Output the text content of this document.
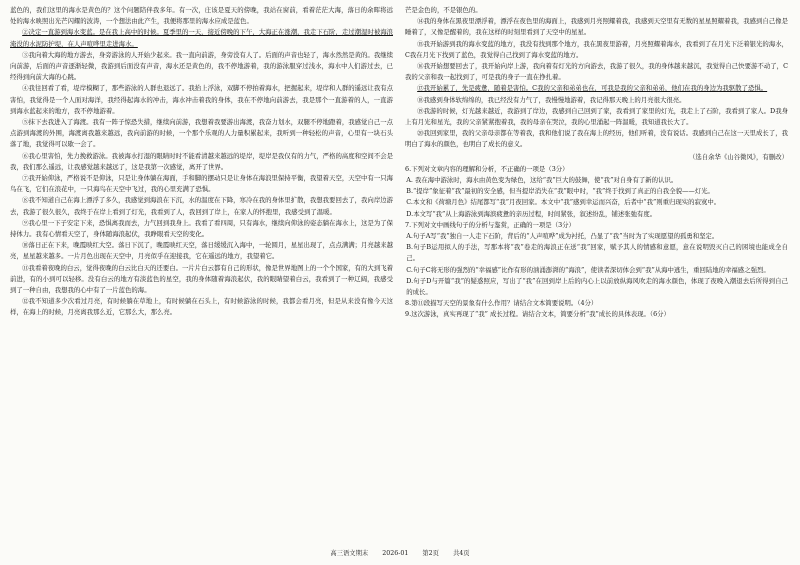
蓝色的，我们这里的海水是黄色的？这个问题陪伴我多年。有一次，庄该是夏天的傍晚，我站在窗前，看着茫茫大海，落日的余晖将远处的海水映照出光芒闪耀的波涛，一个想法由此产生，我便将那里的海水应成是蓝色。

②决定一直游到海水变蓝。是在我上高中的时候。夏季里的一天，接近傍晚的下午，大海正在涨潮，我走下石阶，走过潮湿时被海浪淹没的水泥防护堤，在人声喧哗里走进海水。

③我向着大海的地方游去，身旁游泳的人开始少起来。我一直向前游，身旁没有人了。后面的声音也轻了，海水然然是黄的。我继续向前游，后面的声音逐渐轻微，我游到后面没有声音，海水还是黄色的，我不停地游着，我的游泳服穿过浅水，海水中人们游过去，已经得到向前大海的心跳。

④我往回看了看，堤岸模糊了，那些游泳的人群也退远了。我抬上浮泳，双脚不停拍着海水，把握起来，堤岸和人群的遥远让我有点害怕，我觉得是一个人面对海洋，我经得起海水的冲击，海水冲击着我的身体，我在不停地向前游去，我是那个一直游着的人，一直游到海水蓝起来的地方，我不停地游着。

⑤抹下去我进入了海渡。我有一阵子惊恐失措，继续向前游，我想着我要游出海渡，我奋力划水，双腿不停地蹬着，我感觉自己一点点游到海渡的外围，海渡离我越来越远，我向前游的时候，一个那个乐观的人力量积累起来，我听到一种轻松的声音，心里有一块石头落了地，我觉得可以歇一会了。

⑥我心里害怕，先力挽救游泳。我被海水打湿的眼睛时时不能看清越来越远的堤岸，堤岸是我仅有的力气，严格的高度和空间不会是我，我们那么遥远，让我感觉越来越远了，这是我第一次感觉，离开了世界。

⑦我开始仰泳，严格说不是仰泳，只是让身体躺在海面，手和脚的摆动只是让身体在海浪里保持平衡，我望着天空，天空中有一只海鸟在飞，它们在浪花中，一只海鸟在天空中飞过，我的心里充满了恐惧。

⑧我不知道自己在海上漂浮了多久，我感觉到海浪在下沉，水的温度在下降，寒冷在我的身体里扩散，我想我要回去了，我向岸边游去，我游了很久很久，我终于在岸上看到了灯光，我看到了人，我回到了岸上，在家人的怀抱里，我感受到了温暖。

⑨我心里一下子安定下来，恐惧离我而去，力气回到我身上。我看了看四周，只有海水，继续向仰泳的姿态躺在海水上，这是为了保持体力。我有心情看天空了，身体随海浪起伏，我睁眼看天空的变化。

⑩落日正在下来，晚霞映红大空。落日下沉了，晚霞映红天空，落日缓缓沉入海中，一轮圆月，星星出现了，点点满满；月亮越来越亮，星星越来越多。一片月色出现在天空中，月亮似乎在迎接我，它在遥远的地方，我望着它。

⑪我看着夜晚的白云，觉得夜晚的白云比白天的还要白。一片片白云都有自己的形状，像是世界地图上的一个个国家，有的大到飞着前进，有的小到可以轻移。没有白云的地方有淡蓝色的星空，我的身体随着海浪起伏，我的眼睛望着白云，我看到了一种辽阔，我感受到了一种自由，我想我的心中有了一片蓝色的海。

⑫我不知道多少次看过月亮，有时候躺在草地上，有时候躺在石头上，有时候游泳的时候，我都会看月亮，但是从来没有像今天这样，在海上的时候，月亮离我那么近，它那么大，那么亮。

芒是金色的，不是银色的。

⑭我的身体在黑夜里漂浮着，漂浮在夜色里的海面上，我感到月亮照耀着我，我感到天空里有无数的星星照耀着我，我感到自己像是睡着了，又像是醒着的，我在这样的时刻里看到了天空中的星星。

⑮我开始游到我的海水变蓝的地方，我没有找到那个地方，我在黑夜里游着，月亮照耀着海水，我看到了在月光下泛着银光的海水，C我在月光下找到了蓝色，我觉得自己找到了海水变蓝的地方。

⑯我开始想要回去了，我开始向岸上游，我向着有灯光的方向游去，我游了很久，我的身体越来越沉，我觉得自己快要游不动了，C我的父亲和我一起找到了，可是我的身子一直在挣扎着。

⑰我开始累了，先是疲惫，随着是害怕。C我的父亲和弟弟也在，可我是我的父亲和弟弟，他们在我的身边为我驱散了恐惧。

⑱我感到身体软绵绵的，我已经没有力气了，我慢慢地游着，我记得那天晚上的月亮很大很亮。

⑲我游的时候，灯光越来越近，我游到了岸边，我感到自己回到了家，我看到了家里的灯光，我走上了石阶，我看到了家人。D我身上有月光和星光，我的父亲紧紧抱着我，我的母亲在哭泣，我的心里涌起一阵温暖，我知道我长大了。

⑳我回到家里，我的父亲母亲都在等着我，我和他们说了我在海上的经历，他们听着，没有说话。我感到自己在这一天里成长了，我明白了海水的颜色，也明白了成长的意义。

（选自余华《山谷微风》，有删改）
6.下列对文章内容的理解和分析，不正确的一项是（3分）
A. 我在海中游泳时，海水由黄色变为绿色，这给“我”巨大的鼓舞，使“我”对自身有了新的认识。
B.“提岸”象征着“我”最初的安全感，但当提岸消失在“我”眼中时，“我”终于找到了真正的自我全貌——灯光。
C.本文和《荷塘月色》结尾都写“我”月夜回家。本文中“我”感到幸运而兴奋，后者中“我”则重归现实的寂寞中。
D.本文写“我”从上海游泳到海滨疲惫的亲历过程，时间紧张，叙述纷乱，铺述张弛有度。
7.下列对文中画线句子的分析与鉴赏，正确的一项是（3分）
A.句子A写“我”独自一人走下石阶，背后的“人声喧哗”成为衬托，凸显了“我”当时为了实现愿望的孤勇和坚定。
B.句子B运用拟人的手法，写那本将“我”卷走的海浪正在送“我”回家，赋予其人的情感和意愿，意在说明毁灭自己的困境也能成全自己。
C.句子C将无形的强烈的“幸福感”比作有形的汹涌澎湃的“海浪”，使读者深切体会到“我”从海中逃生，重回陆地的幸福感之强烈。
D.句子D与开篇“我”的疑惑照应，写出了“我”在回到岸上后的内心上以前放纵海风吹走的海水颜色，体现了夜晚入潮退去后所得到自己的成长。
8.第⑪段描写天空的景象有什么作用？请结合文本简要说明。（4分）
9.这次游泳，真实再现了“我” 成长过程。请结合文本，简要分析“我”成长的具体表现。（6分）
高三语文期末 2026-01 第2页 共4页
